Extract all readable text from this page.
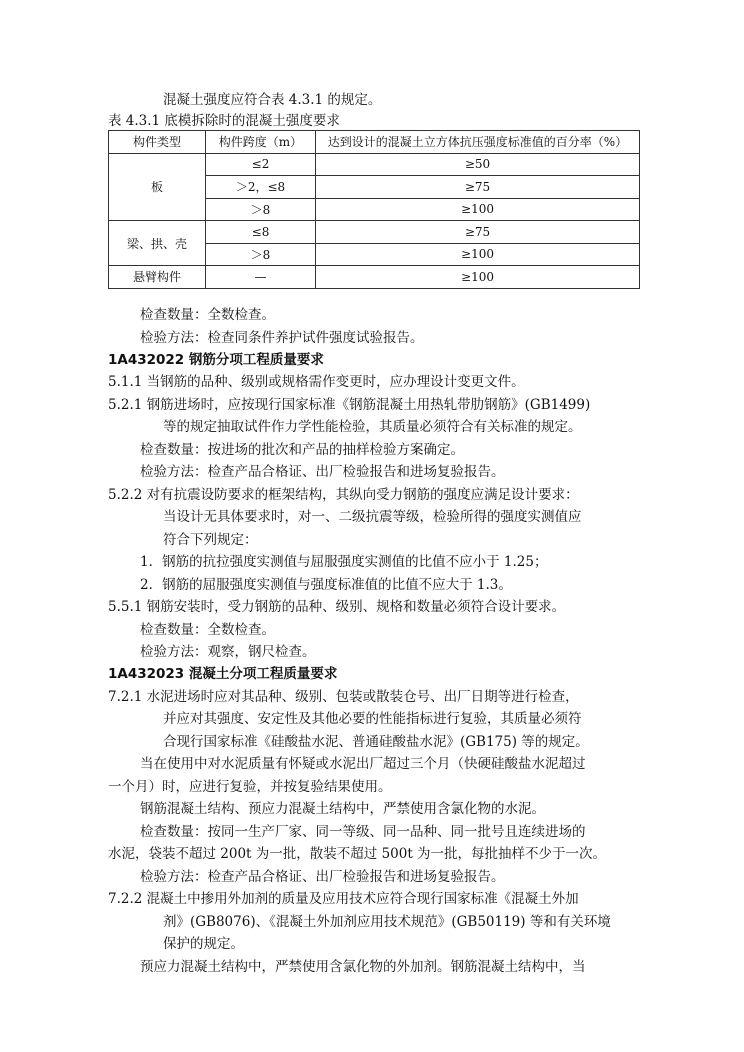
混凝土强度应符合表 4.3.1 的规定。
表 4.3.1 底模拆除时的混凝土强度要求
构件类型	构件跨度（m）	达到设计的混凝土立方体抗压强度标准值的百分率（%）
板	≤2	≥50
	＞2，≤8	≥75
	＞8	≥100
梁、拱、壳	≤8	≥75
	＞8	≥100
悬臂构件	—	≥100
检查数量：全数检查。
检验方法：检查同条件养护试件强度试验报告。
1A432022 钢筋分项工程质量要求
5.1.1 当钢筋的品种、级别或规格需作变更时，应办理设计变更文件。
5.2.1 钢筋进场时，应按现行国家标准《钢筋混凝土用热轧带肋钢筋》(GB1499)
等的规定抽取试件作力学性能检验，其质量必须符合有关标准的规定。
检查数量：按进场的批次和产品的抽样检验方案确定。
检验方法：检查产品合格证、出厂检验报告和进场复验报告。
5.2.2 对有抗震设防要求的框架结构，其纵向受力钢筋的强度应满足设计要求：
当设计无具体要求时，对一、二级抗震等级，检验所得的强度实测值应
符合下列规定：
1．钢筋的抗拉强度实测值与屈服强度实测值的比值不应小于 1.25；
2．钢筋的屈服强度实测值与强度标准值的比值不应大于 1.3。
5.5.1 钢筋安装时，受力钢筋的品种、级别、规格和数量必须符合设计要求。
检查数量：全数检查。
检验方法：观察，钢尺检查。
1A432023 混凝土分项工程质量要求
7.2.1 水泥进场时应对其品种、级别、包装或散装仓号、出厂日期等进行检查，
并应对其强度、安定性及其他必要的性能指标进行复验，其质量必须符
合现行国家标准《硅酸盐水泥、普通硅酸盐水泥》(GB175) 等的规定。
当在使用中对水泥质量有怀疑或水泥出厂超过三个月（快硬硅酸盐水泥超过
一个月）时，应进行复验，并按复验结果使用。
钢筋混凝土结构、预应力混凝土结构中，严禁使用含氯化物的水泥。
检查数量：按同一生产厂家、同一等级、同一品种、同一批号且连续进场的
水泥，袋装不超过 200t 为一批，散装不超过 500t 为一批，每批抽样不少于一次。
检验方法：检查产品合格证、出厂检验报告和进场复验报告。
7.2.2 混凝土中掺用外加剂的质量及应用技术应符合现行国家标准《混凝土外加
剂》(GB8076)、《混凝土外加剂应用技术规范》(GB50119) 等和有关环境
保护的规定。
预应力混凝土结构中，严禁使用含氯化物的外加剂。钢筋混凝土结构中，当
